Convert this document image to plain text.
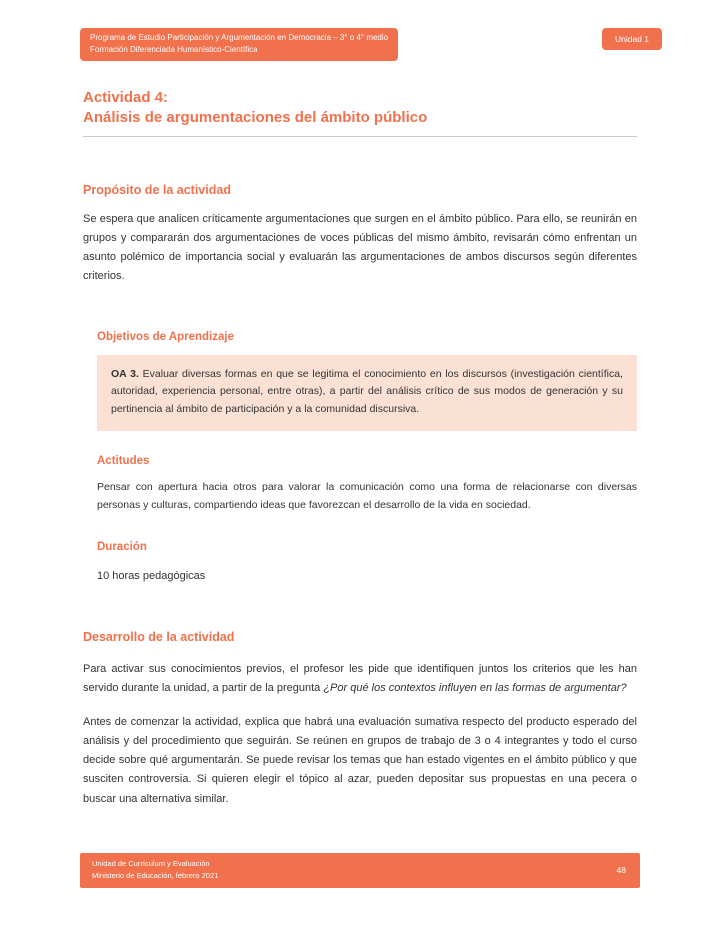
Programa de Estudio Participación y Argumentación en Democracia – 3° o 4° medio
Formación Diferenciada Humanístico-Científica
Unidad 1
Actividad 4:
Análisis de argumentaciones del ámbito público
Propósito de la actividad

Se espera que analicen críticamente argumentaciones que surgen en el ámbito público. Para ello, se reunirán en grupos y compararán dos argumentaciones de voces públicas del mismo ámbito, revisarán cómo enfrentan un asunto polémico de importancia social y evaluarán las argumentaciones de ambos discursos según diferentes criterios.

Objetivos de Aprendizaje
OA 3. Evaluar diversas formas en que se legitima el conocimiento en los discursos (investigación científica, autoridad, experiencia personal, entre otras), a partir del análisis crítico de sus modos de generación y su pertinencia al ámbito de participación y a la comunidad discursiva.
Actitudes

Pensar con apertura hacia otros para valorar la comunicación como una forma de relacionarse con diversas personas y culturas, compartiendo ideas que favorezcan el desarrollo de la vida en sociedad.

Duración

10 horas pedagógicas

Desarrollo de la actividad

Para activar sus conocimientos previos, el profesor les pide que identifiquen juntos los criterios que les han servido durante la unidad, a partir de la pregunta ¿Por qué los contextos influyen en las formas de argumentar?

Antes de comenzar la actividad, explica que habrá una evaluación sumativa respecto del producto esperado del análisis y del procedimiento que seguirán. Se reúnen en grupos de trabajo de 3 o 4 integrantes y todo el curso decide sobre qué argumentarán. Se puede revisar los temas que han estado vigentes en el ámbito público y que susciten controversia. Si quieren elegir el tópico al azar, pueden depositar sus propuestas en una pecera o buscar una alternativa similar.

Unidad de Currículum y Evaluación
Ministerio de Educación, febrero 2021
48
